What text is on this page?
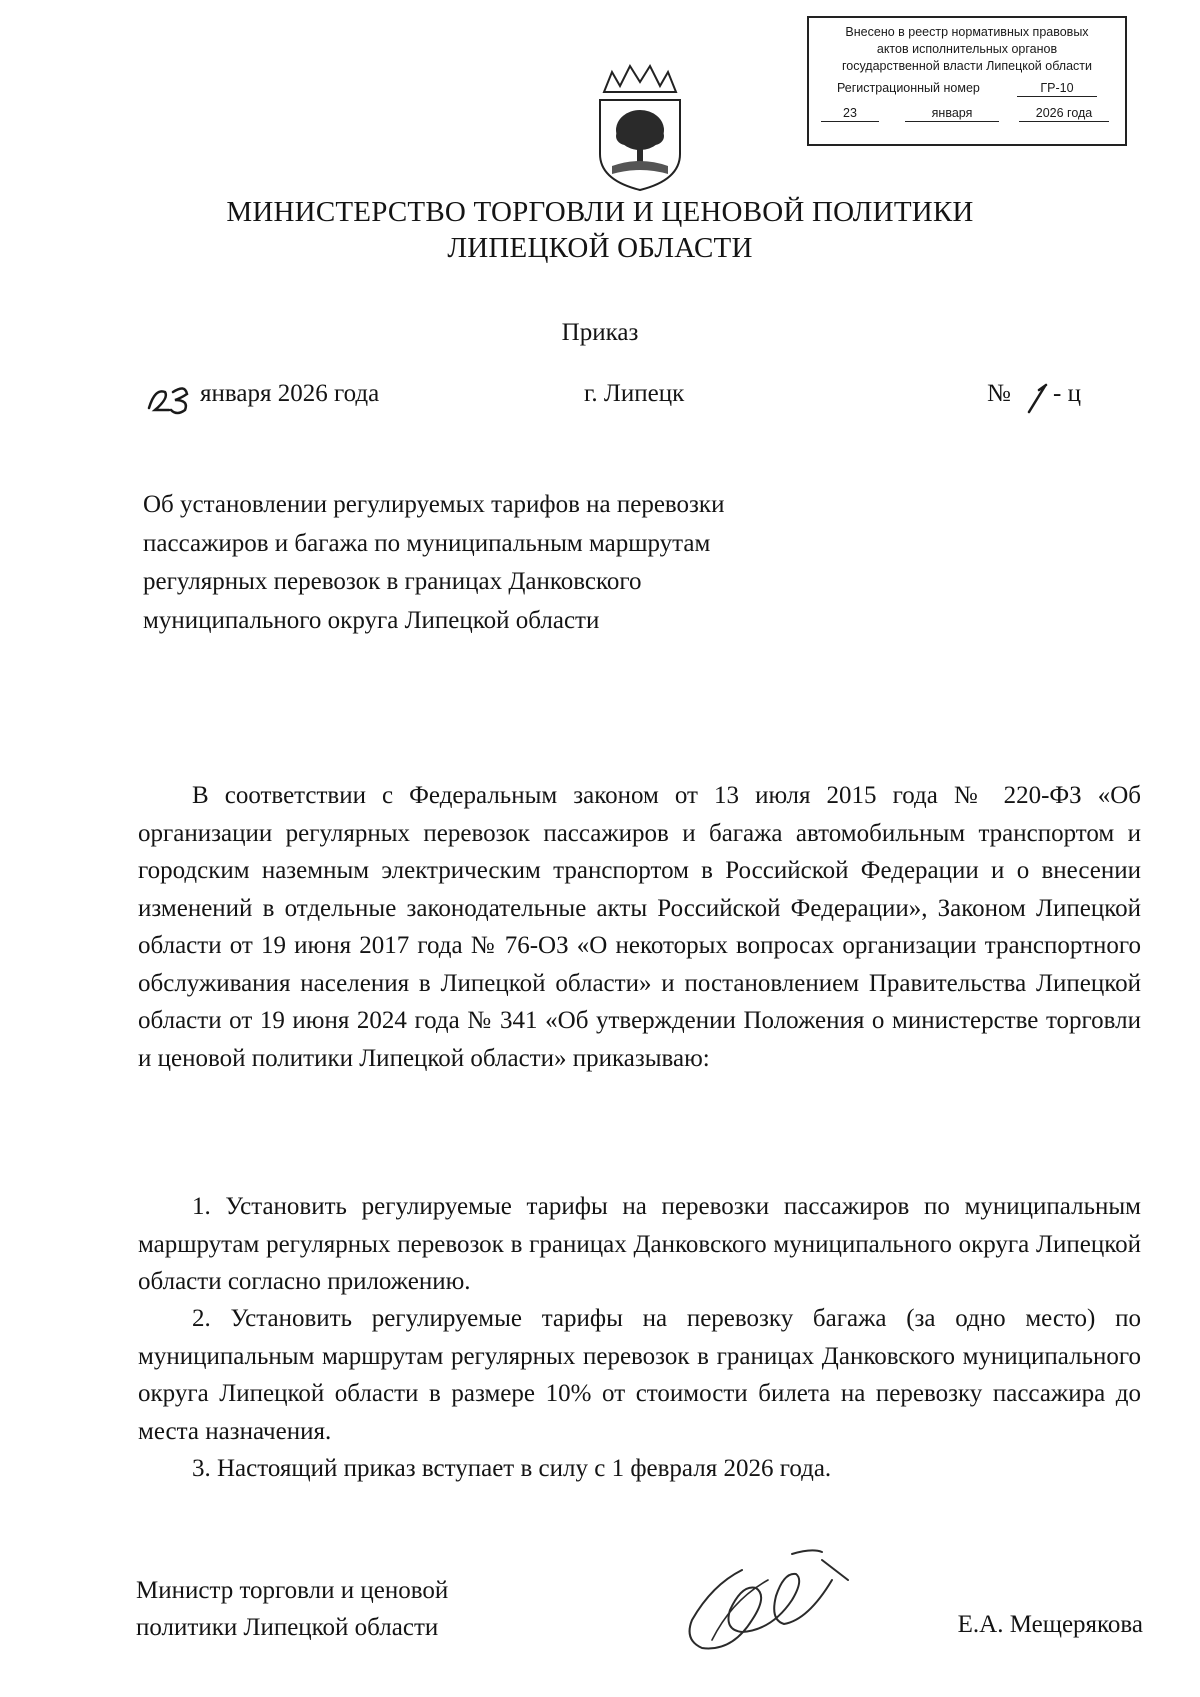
Внесено в реестр нормативных правовых
актов исполнительных органов
государственной власти Липецкой области
Регистрационный номер	ГР-10
23	января	2026 года
МИНИСТЕРСТВО ТОРГОВЛИ И ЦЕНОВОЙ ПОЛИТИКИ
ЛИПЕЦКОЙ ОБЛАСТИ
Приказ
января 2026 года	г. Липецк	№ - ц
Об установлении регулируемых тарифов на перевозки пассажиров и багажа по муниципальным маршрутам регулярных перевозок в границах Данковского муниципального округа Липецкой области
В соответствии с Федеральным законом от 13 июля 2015 года № 220-ФЗ «Об организации регулярных перевозок пассажиров и багажа автомобильным транспортом и городским наземным электрическим транспортом в Российской Федерации и о внесении изменений в отдельные законодательные акты Российской Федерации», Законом Липецкой области от 19 июня 2017 года № 76-ОЗ «О некоторых вопросах организации транспортного обслуживания населения в Липецкой области» и постановлением Правительства Липецкой области от 19 июня 2024 года № 341 «Об утверждении Положения о министерстве торговли и ценовой политики Липецкой области» приказываю:
1. Установить регулируемые тарифы на перевозки пассажиров по муниципальным маршрутам регулярных перевозок в границах Данковского муниципального округа Липецкой области согласно приложению.
2. Установить регулируемые тарифы на перевозку багажа (за одно место) по муниципальным маршрутам регулярных перевозок в границах Данковского муниципального округа Липецкой области в размере 10% от стоимости билета на перевозку пассажира до места назначения.
3. Настоящий приказ вступает в силу с 1 февраля 2026 года.
Министр торговли и ценовой
политики Липецкой области	Е.А. Мещерякова
